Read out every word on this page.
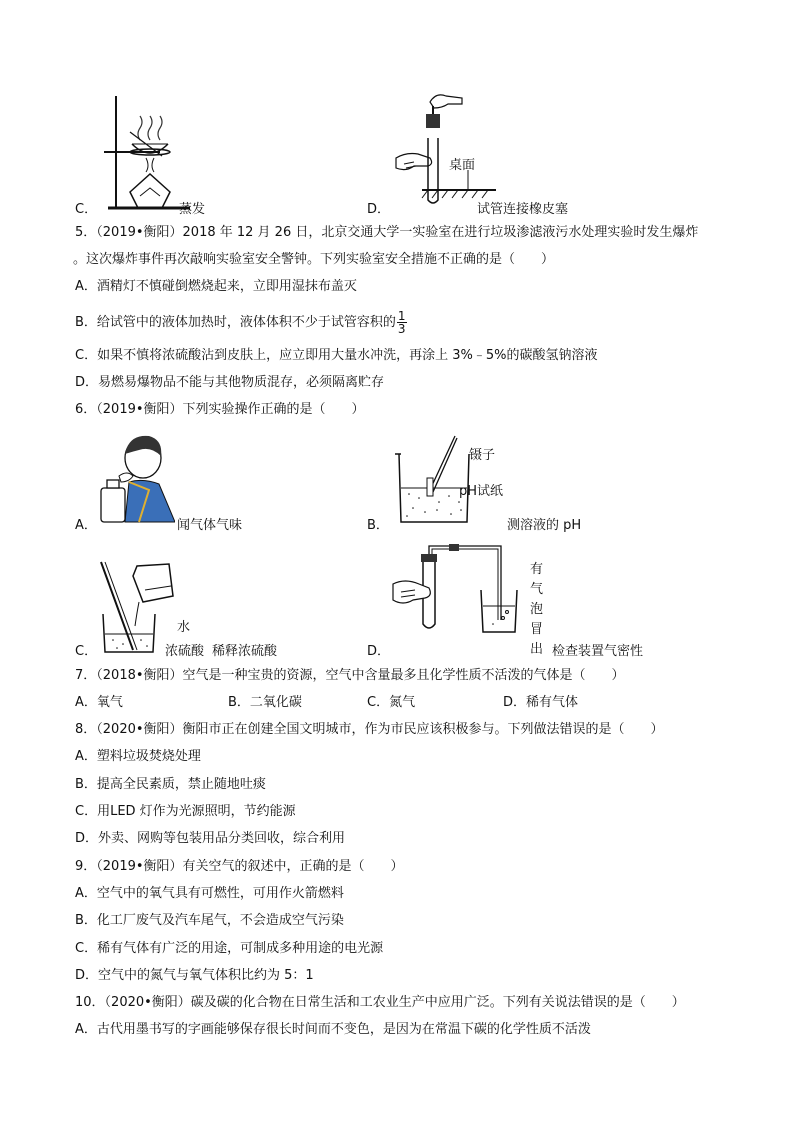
C．	蒸发	D．
桌面
试管连接橡皮塞
5．（2019•衡阳）2018 年 12 月 26 日，北京交通大学一实验室在进行垃圾渗滤液污水处理实验时发生爆炸
。这次爆炸事件再次敲响实验室安全警钟。下列实验室安全措施不正确的是（　　）
A．酒精灯不慎碰倒燃烧起来，立即用湿抹布盖灭
B．给试管中的液体加热时，液体体积不少于试管容积的 $\frac{1}{3}$
C．如果不慎将浓硫酸沾到皮肤上，应立即用大量水冲洗，再涂上 3%﹣5%的碳酸氢钠溶液
D．易燃易爆物品不能与其他物质混存，必须隔离贮存
6．（2019•衡阳）下列实验操作正确的是（　　）
A．	闻气体气味	B．
镊子
pH试纸
测溶液的 pH
C．
水
浓硫酸 稀释浓硫酸	D．
有
气
泡
冒
出 检查装置气密性
7．（2018•衡阳）空气是一种宝贵的资源，空气中含量最多且化学性质不活泼的气体是（　　）
A．氧气	B．二氧化碳	C．氮气	D．稀有气体
8．（2020•衡阳）衡阳市正在创建全国文明城市，作为市民应该积极参与。下列做法错误的是（　　）
A．塑料垃圾焚烧处理
B．提高全民素质，禁止随地吐痰
C．用LED 灯作为光源照明，节约能源
D．外卖、网购等包装用品分类回收，综合利用
9．（2019•衡阳）有关空气的叙述中，正确的是（　　）
A．空气中的氧气具有可燃性，可用作火箭燃料
B．化工厂废气及汽车尾气，不会造成空气污染
C．稀有气体有广泛的用途，可制成多种用途的电光源
D．空气中的氮气与氧气体积比约为 5：1
10．（2020•衡阳）碳及碳的化合物在日常生活和工农业生产中应用广泛。下列有关说法错误的是（　　）
A．古代用墨书写的字画能够保存很长时间而不变色，是因为在常温下碳的化学性质不活泼
